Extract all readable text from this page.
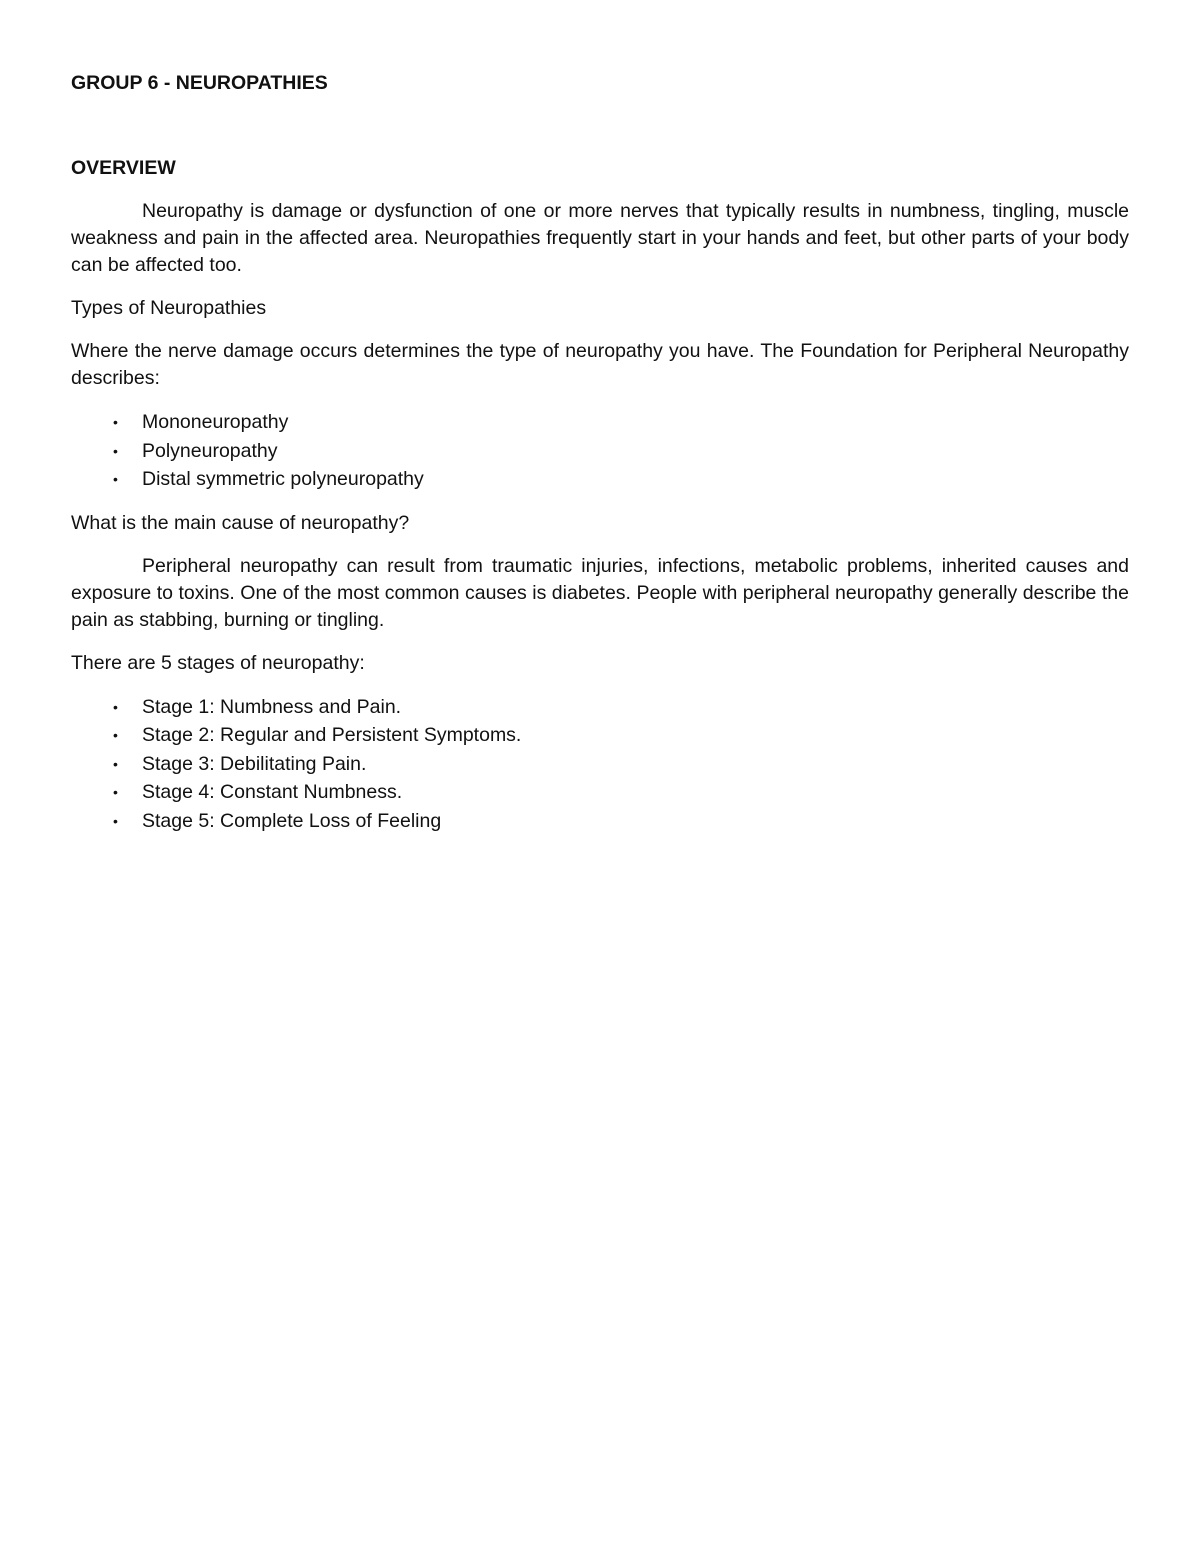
GROUP 6 - NEUROPATHIES
OVERVIEW

Neuropathy is damage or dysfunction of one or more nerves that typically results in numbness, tingling, muscle weakness and pain in the affected area. Neuropathies frequently start in your hands and feet, but other parts of your body can be affected too.

Types of Neuropathies

Where the nerve damage occurs determines the type of neuropathy you have. The Foundation for Peripheral Neuropathy describes:

• Mononeuropathy
• Polyneuropathy
• Distal symmetric polyneuropathy
What is the main cause of neuropathy?

Peripheral neuropathy can result from traumatic injuries, infections, metabolic problems, inherited causes and exposure to toxins. One of the most common causes is diabetes. People with peripheral neuropathy generally describe the pain as stabbing, burning or tingling.

There are 5 stages of neuropathy:
• Stage 1: Numbness and Pain.
• Stage 2: Regular and Persistent Symptoms.
• Stage 3: Debilitating Pain.
• Stage 4: Constant Numbness.
• Stage 5: Complete Loss of Feeling
